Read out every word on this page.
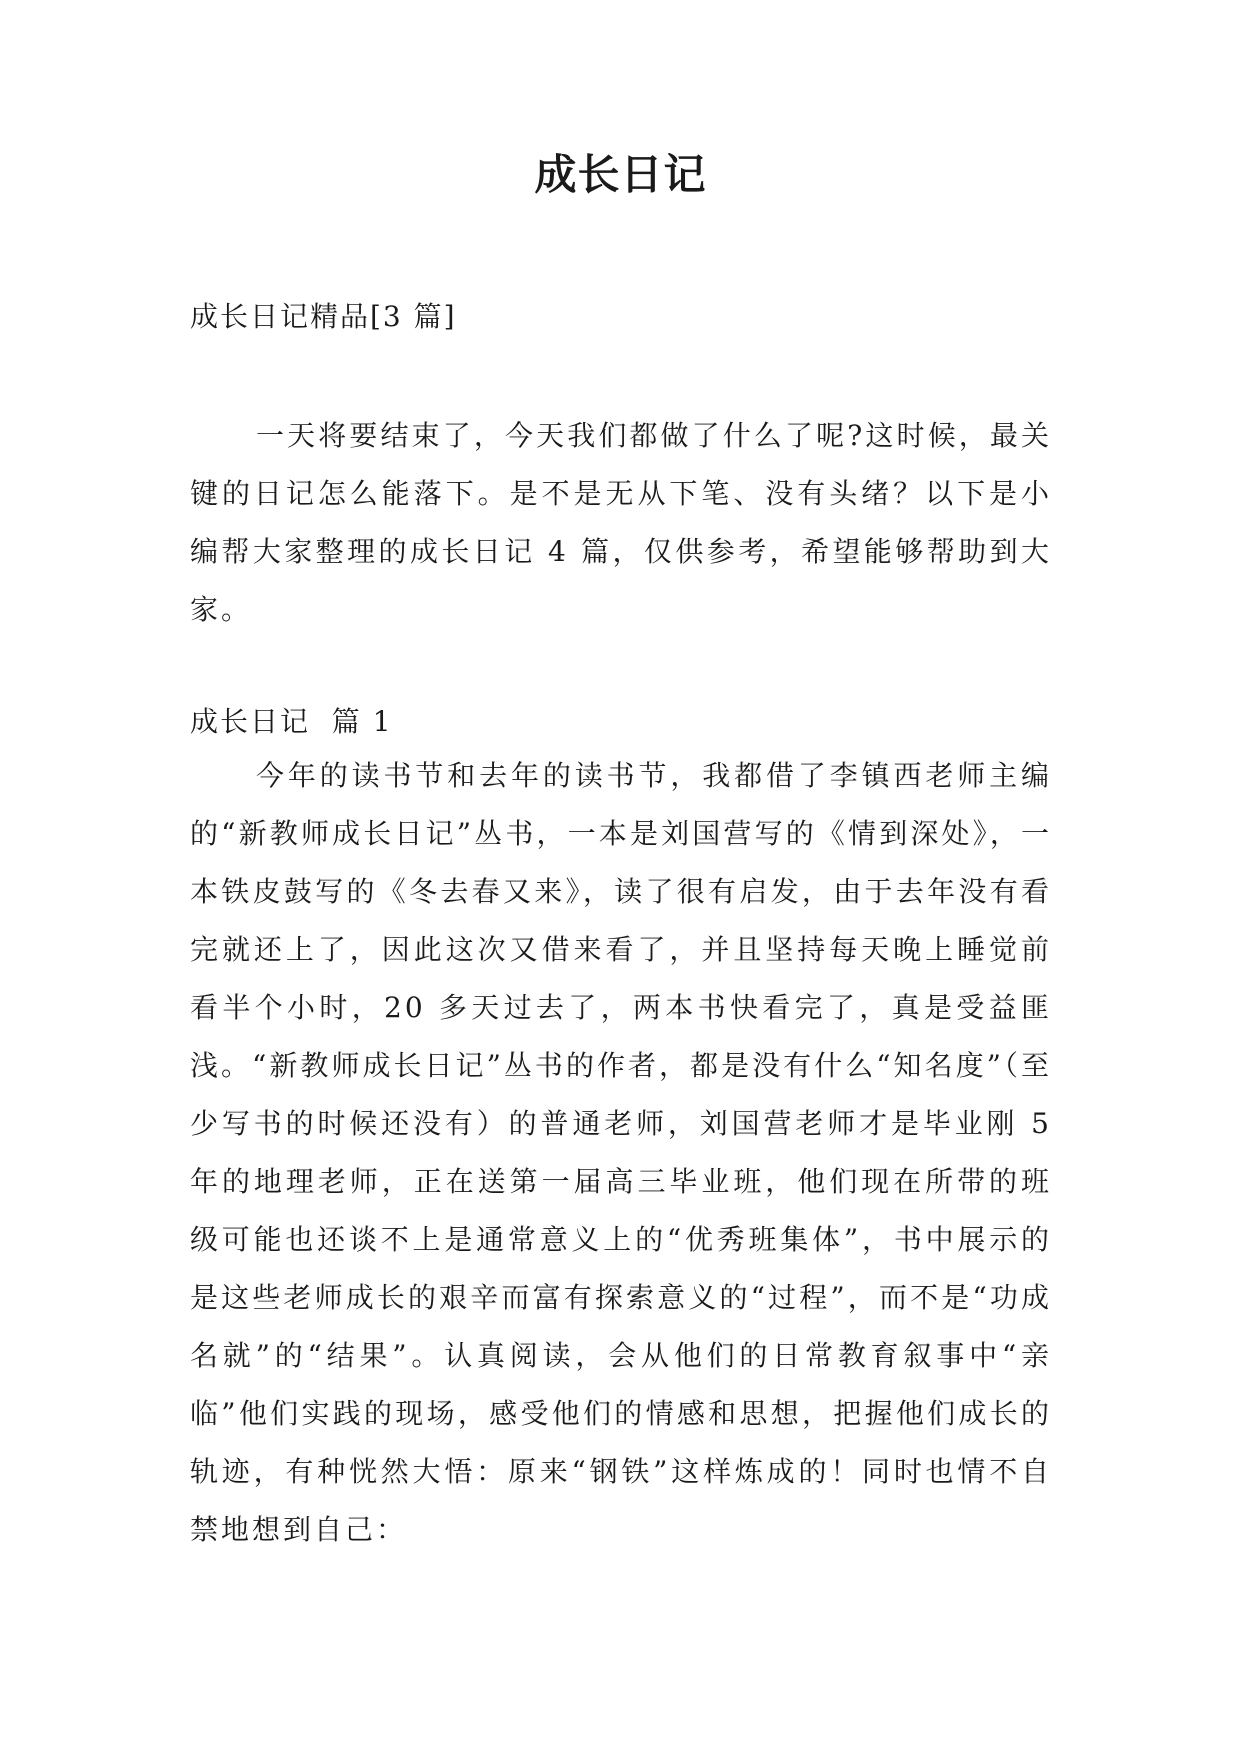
成长日记
成长日记精品[3 篇]

一天将要结束了，今天我们都做了什么了呢?这时候，最关键的日记怎么能落下。是不是无从下笔、没有头绪？以下是小编帮大家整理的成长日记 4 篇，仅供参考，希望能够帮助到大家。

成长日记  篇 1

今年的读书节和去年的读书节，我都借了李镇西老师主编的“新教师成长日记”丛书，一本是刘国营写的《情到深处》，一本铁皮鼓写的《冬去春又来》，读了很有启发，由于去年没有看完就还上了，因此这次又借来看了，并且坚持每天晚上睡觉前看半个小时，20 多天过去了，两本书快看完了，真是受益匪浅。“新教师成长日记”丛书的作者，都是没有什么“知名度”（至少写书的时候还没有）的普通老师，刘国营老师才是毕业刚 5 年的地理老师，正在送第一届高三毕业班，他们现在所带的班级可能也还谈不上是通常意义上的“优秀班集体”，书中展示的是这些老师成长的艰辛而富有探索意义的“过程”，而不是“功成名就”的“结果”。认真阅读，会从他们的日常教育叙事中“亲临”他们实践的现场，感受他们的情感和思想，把握他们成长的轨迹，有种恍然大悟：原来“钢铁”这样炼成的！同时也情不自禁地想到自己：
